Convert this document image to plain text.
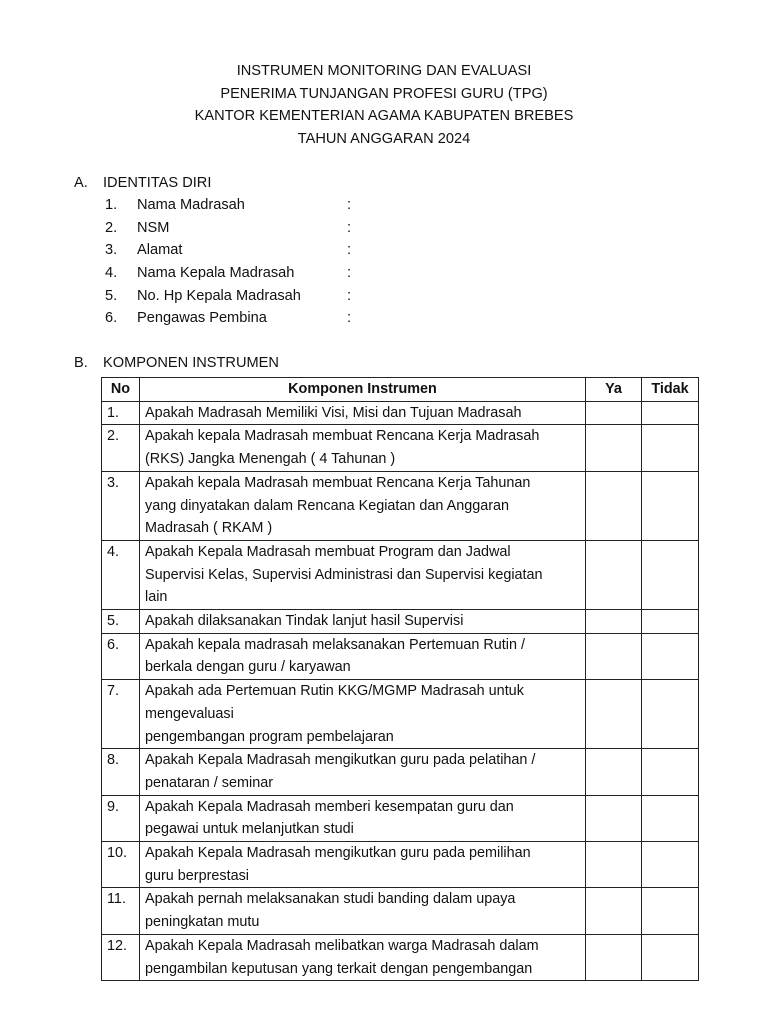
INSTRUMEN MONITORING DAN EVALUASI
PENERIMA TUNJANGAN PROFESI GURU (TPG)
KANTOR KEMENTERIAN AGAMA KABUPATEN BREBES
TAHUN ANGGARAN 2024
A. IDENTITAS DIRI
1. Nama Madrasah	:
2. NSM	:
3. Alamat	:
4. Nama Kepala Madrasah	:
5. No. Hp Kepala Madrasah	:
6. Pengawas Pembina	:
B. KOMPONEN INSTRUMEN
No	Komponen Instrumen	Ya	Tidak
1.	Apakah Madrasah Memiliki Visi, Misi dan Tujuan Madrasah		
2.	Apakah kepala Madrasah membuat Rencana Kerja Madrasah
(RKS) Jangka Menengah ( 4 Tahunan )		
3.	Apakah kepala Madrasah membuat Rencana Kerja Tahunan
yang dinyatakan dalam Rencana Kegiatan dan Anggaran
Madrasah ( RKAM )		
4.	Apakah Kepala Madrasah membuat Program dan Jadwal
Supervisi Kelas, Supervisi Administrasi dan Supervisi kegiatan
lain		
5.	Apakah dilaksanakan Tindak lanjut hasil Supervisi		
6.	Apakah kepala madrasah melaksanakan Pertemuan Rutin /
berkala dengan guru / karyawan		
7.	Apakah ada Pertemuan Rutin KKG/MGMP Madrasah untuk
mengevaluasi
pengembangan program pembelajaran		
8.	Apakah Kepala Madrasah mengikutkan guru pada pelatihan /
penataran / seminar		
9.	Apakah Kepala Madrasah memberi kesempatan guru dan
pegawai untuk melanjutkan studi		
10.	Apakah Kepala Madrasah mengikutkan guru pada pemilihan
guru berprestasi		
11.	Apakah pernah melaksanakan studi banding dalam upaya
peningkatan mutu		
12.	Apakah Kepala Madrasah melibatkan warga Madrasah dalam
pengambilan keputusan yang terkait dengan pengembangan		
